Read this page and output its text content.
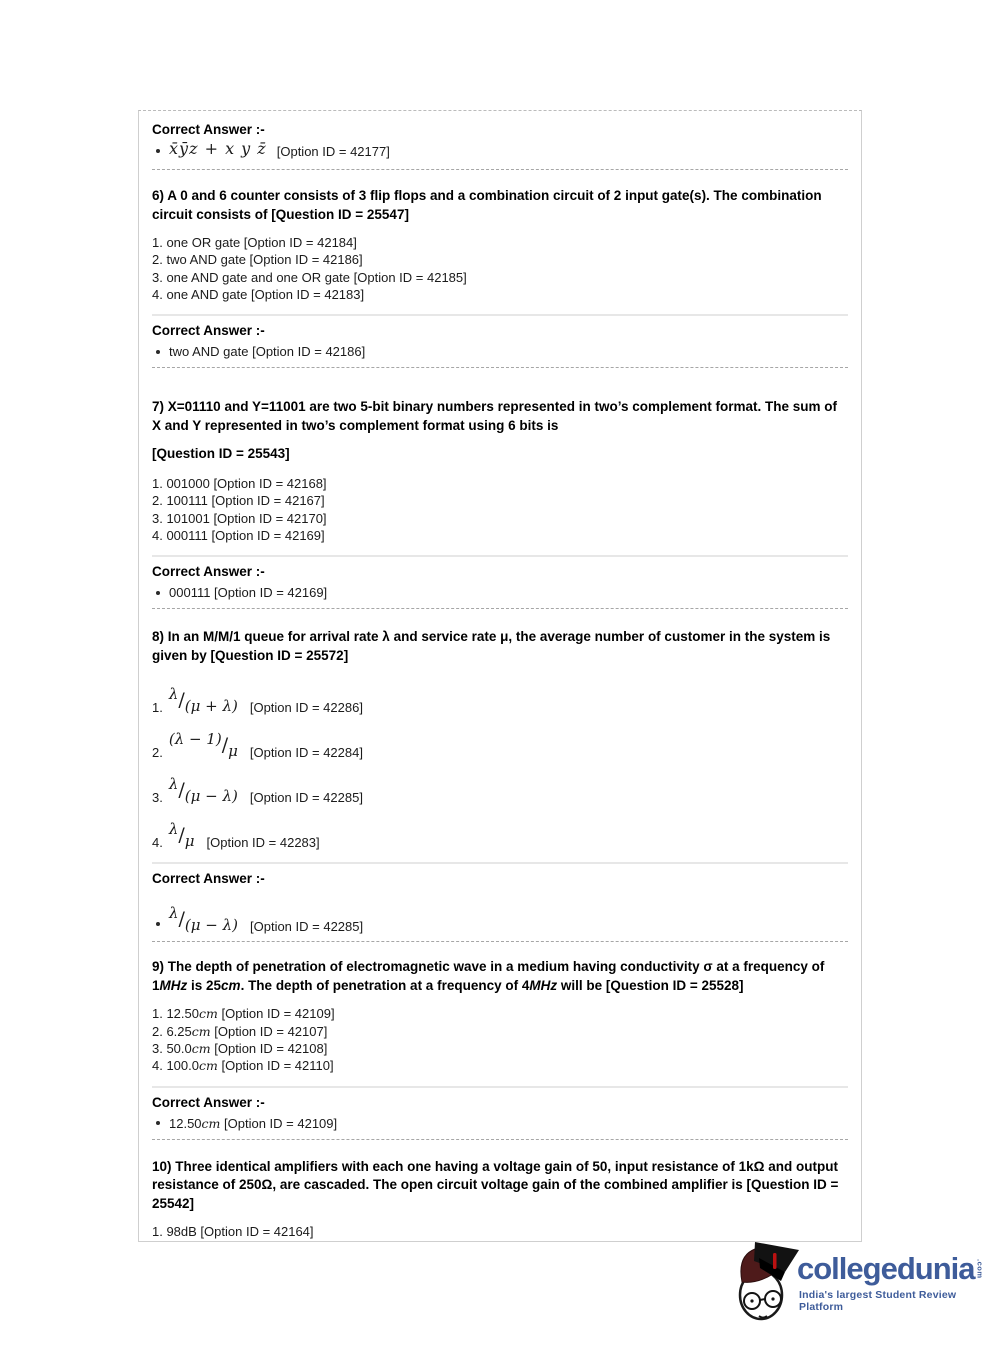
Correct Answer :-
x̄ȳz + x y z̄ [Option ID = 42177]
6) A 0 and 6 counter consists of 3 flip flops and a combination circuit of 2 input gate(s). The combination circuit consists of [Question ID = 25547]
1. one OR gate [Option ID = 42184]
2. two AND gate [Option ID = 42186]
3. one AND gate and one OR gate [Option ID = 42185]
4. one AND gate [Option ID = 42183]
Correct Answer :-
two AND gate [Option ID = 42186]
7) X=01110 and Y=11001 are two 5-bit binary numbers represented in two’s complement format. The sum of X and Y represented in two’s complement format using 6 bits is
[Question ID = 25543]
1. 001000 [Option ID = 42168]
2. 100111 [Option ID = 42167]
3. 101001 [Option ID = 42170]
4. 000111 [Option ID = 42169]
Correct Answer :-
000111 [Option ID = 42169]
8) In an M/M/1 queue for arrival rate λ and service rate μ, the average number of customer in the system is given by [Question ID = 25572]
1.
λ/(μ + λ) [Option ID = 42286]
2.
(λ − 1)/μ [Option ID = 42284]
3.
λ/(μ − λ) [Option ID = 42285]
4.
λ/μ [Option ID = 42283]
Correct Answer :-
λ/(μ − λ) [Option ID = 42285]
9) The depth of penetration of electromagnetic wave in a medium having conductivity σ at a frequency of 1MHz is 25cm. The depth of penetration at a frequency of 4MHz will be [Question ID = 25528]
1. 12.50cm [Option ID = 42109]
2. 6.25cm [Option ID = 42107]
3. 50.0cm [Option ID = 42108]
4. 100.0cm [Option ID = 42110]
Correct Answer :-
12.50cm [Option ID = 42109]
10) Three identical amplifiers with each one having a voltage gain of 50, input resistance of 1kΩ and output resistance of 250Ω, are cascaded. The open circuit voltage gain of the combined amplifier is [Question ID = 25542]
1. 98dB [Option ID = 42164]
collegedunia .com
India's largest Student Review Platform
